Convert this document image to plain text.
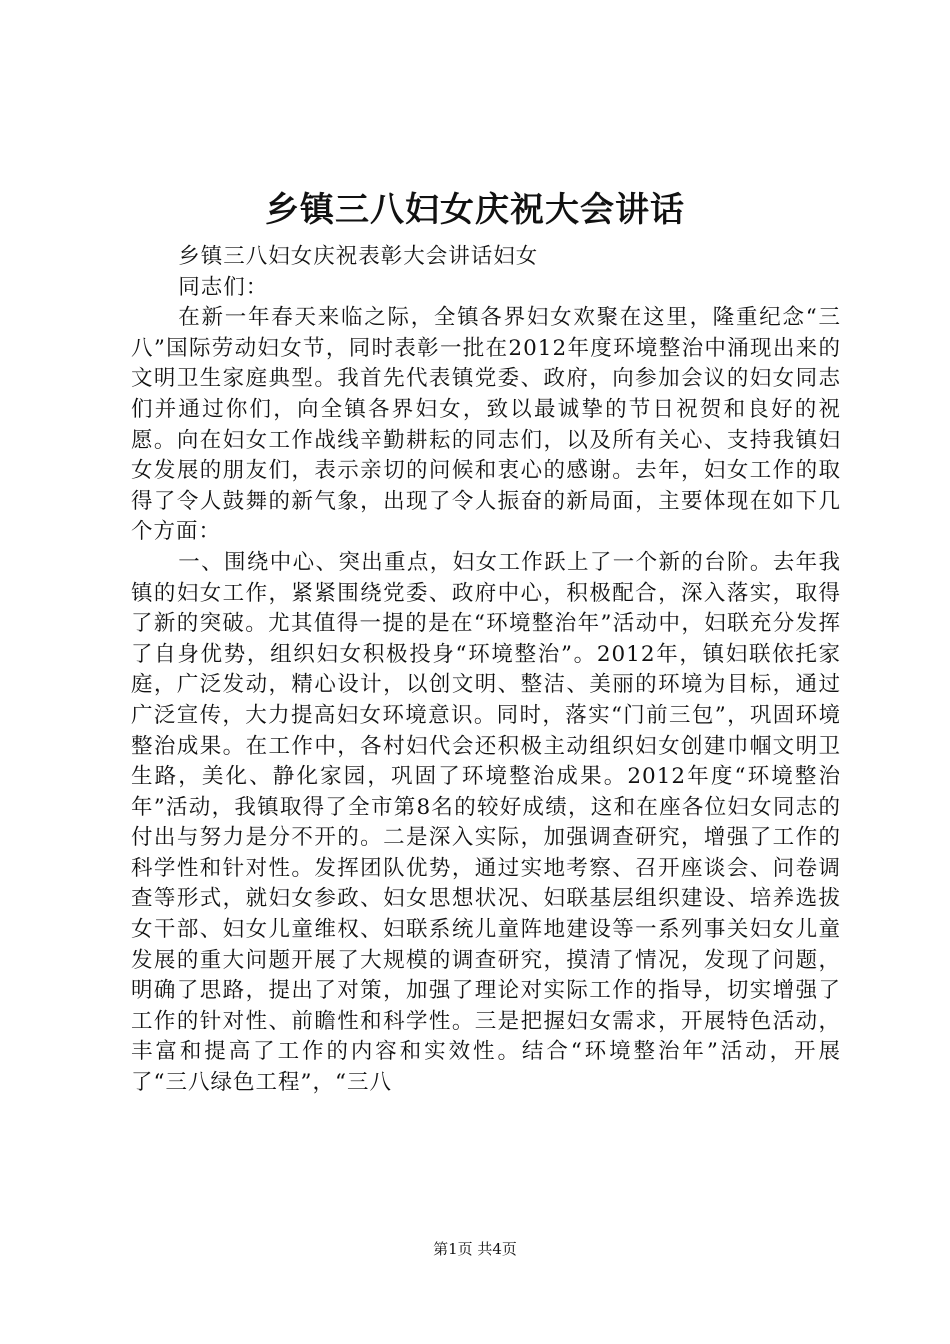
乡镇三八妇女庆祝大会讲话

乡镇三八妇女庆祝表彰大会讲话妇女

同志们：

在新一年春天来临之际，全镇各界妇女欢聚在这里，隆重纪念“三八”国际劳动妇女节，同时表彰一批在2012年度环境整治中涌现出来的文明卫生家庭典型。我首先代表镇党委、政府，向参加会议的妇女同志们并通过你们，向全镇各界妇女，致以最诚挚的节日祝贺和良好的祝愿。向在妇女工作战线辛勤耕耘的同志们，以及所有关心、支持我镇妇女发展的朋友们，表示亲切的问候和衷心的感谢。去年，妇女工作的取得了令人鼓舞的新气象，出现了令人振奋的新局面，主要体现在如下几个方面：

一、围绕中心、突出重点，妇女工作跃上了一个新的台阶。去年我镇的妇女工作，紧紧围绕党委、政府中心，积极配合，深入落实，取得了新的突破。尤其值得一提的是在“环境整治年”活动中，妇联充分发挥了自身优势，组织妇女积极投身“环境整治”。2012年，镇妇联依托家庭，广泛发动，精心设计，以创文明、整洁、美丽的环境为目标，通过广泛宣传，大力提高妇女环境意识。同时，落实“门前三包”，巩固环境整治成果。在工作中，各村妇代会还积极主动组织妇女创建巾帼文明卫生路，美化、静化家园，巩固了环境整治成果。2012年度“环境整治年”活动，我镇取得了全市第8名的较好成绩，这和在座各位妇女同志的付出与努力是分不开的。二是深入实际，加强调查研究，增强了工作的科学性和针对性。发挥团队优势，通过实地考察、召开座谈会、问卷调查等形式，就妇女参政、妇女思想状况、妇联基层组织建设、培养选拔女干部、妇女儿童维权、妇联系统儿童阵地建设等一系列事关妇女儿童发展的重大问题开展了大规模的调查研究，摸清了情况，发现了问题，明确了思路，提出了对策，加强了理论对实际工作的指导，切实增强了工作的针对性、前瞻性和科学性。三是把握妇女需求，开展特色活动，丰富和提高了工作的内容和实效性。结合“环境整治年”活动，开展了“三八绿色工程”，“三八

第1页 共4页
